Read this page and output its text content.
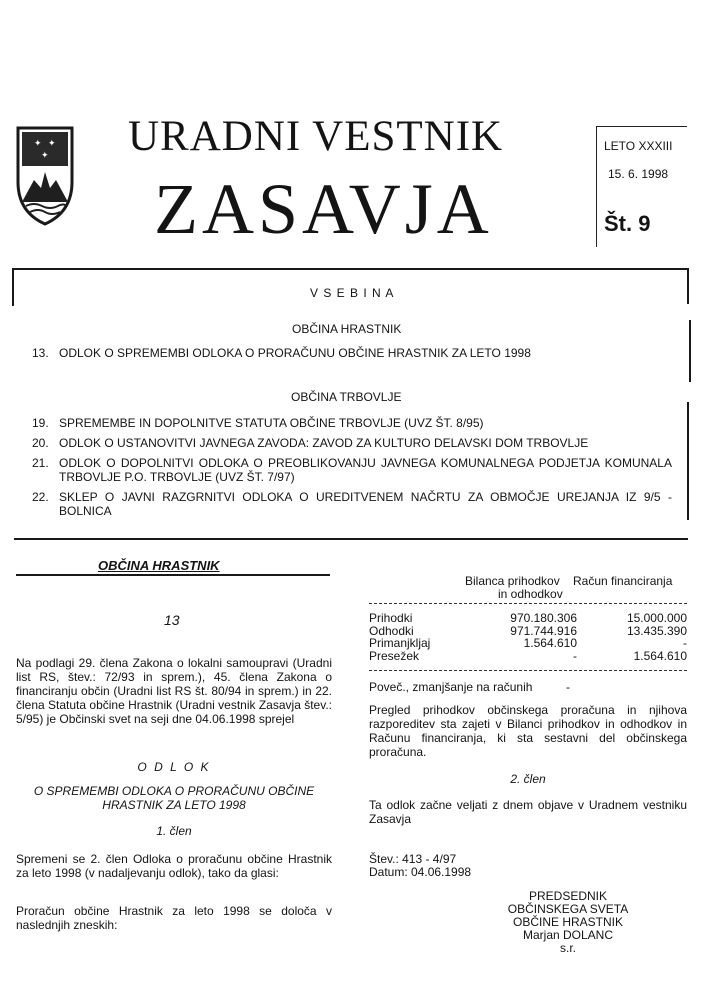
✦ ✦
✦ URADNI VESTNIK
ZASAVJA
LETO XXXIII
15. 6. 1998
Št. 9
V S E B I N A
OBČINA HRASTNIK
13. ODLOK O SPREMEMBI ODLOKA O PRORAČUNU OBČINE HRASTNIK ZA LETO 1998
OBČINA TRBOVLJE
19. SPREMEMBE IN DOPOLNITVE STATUTA OBČINE TRBOVLJE (UVZ ŠT. 8/95)
20. ODLOK O USTANOVITVI JAVNEGA ZAVODA: ZAVOD ZA KULTURO DELAVSKI DOM TRBOVLJE
21. ODLOK O DOPOLNITVI ODLOKA O PREOBLIKOVANJU JAVNEGA KOMUNALNEGA PODJETJA KOMUNALA TRBOVLJE P.O. TRBOVLJE (UVZ ŠT. 7/97)
22. SKLEP O JAVNI RAZGRNITVI ODLOKA O UREDITVENEM NAČRTU ZA OBMOČJE UREJANJA IZ 9/5 - BOLNICA
OBČINA HRASTNIK
13
Na podlagi 29. člena Zakona o lokalni samoupravi (Uradni list RS, štev.: 72/93 in sprem.), 45. člena Zakona o financiranju občin (Uradni list RS št. 80/94 in sprem.) in 22. člena Statuta občine Hrastnik (Uradni vestnik Zasavja štev.: 5/95) je Občinski svet na seji dne 04.06.1998 sprejel
O D L O K
O SPREMEMBI ODLOKA O PRORAČUNU OBČINE HRASTNIK ZA LETO 1998
1. člen
Spremeni se 2. člen Odloka o proračunu občine Hrastnik za leto 1998 (v nadaljevanju odlok), tako da glasi:
Proračun občine Hrastnik za leto 1998 se določa v naslednjih zneskih:
Bilanca prihodkov
in odhodkov
Račun financiranja
Prihodki	970.180.306	15.000.000
Odhodki	971.744.916	13.435.390
Primanjkljaj	1.564.610	-
Presežek	-	1.564.610
Poveč., zmanjšanje na računih	-
Pregled prihodkov občinskega proračuna in njihova razporeditev sta zajeti v Bilanci prihodkov in odhodkov in Računu financiranja, ki sta sestavni del občinskega proračuna.
2. člen
Ta odlok začne veljati z dnem objave v Uradnem vestniku Zasavja
Štev.: 413 - 4/97
Datum: 04.06.1998
PREDSEDNIK
OBČINSKEGA SVETA
OBČINE HRASTNIK
Marjan DOLANC
s.r.
